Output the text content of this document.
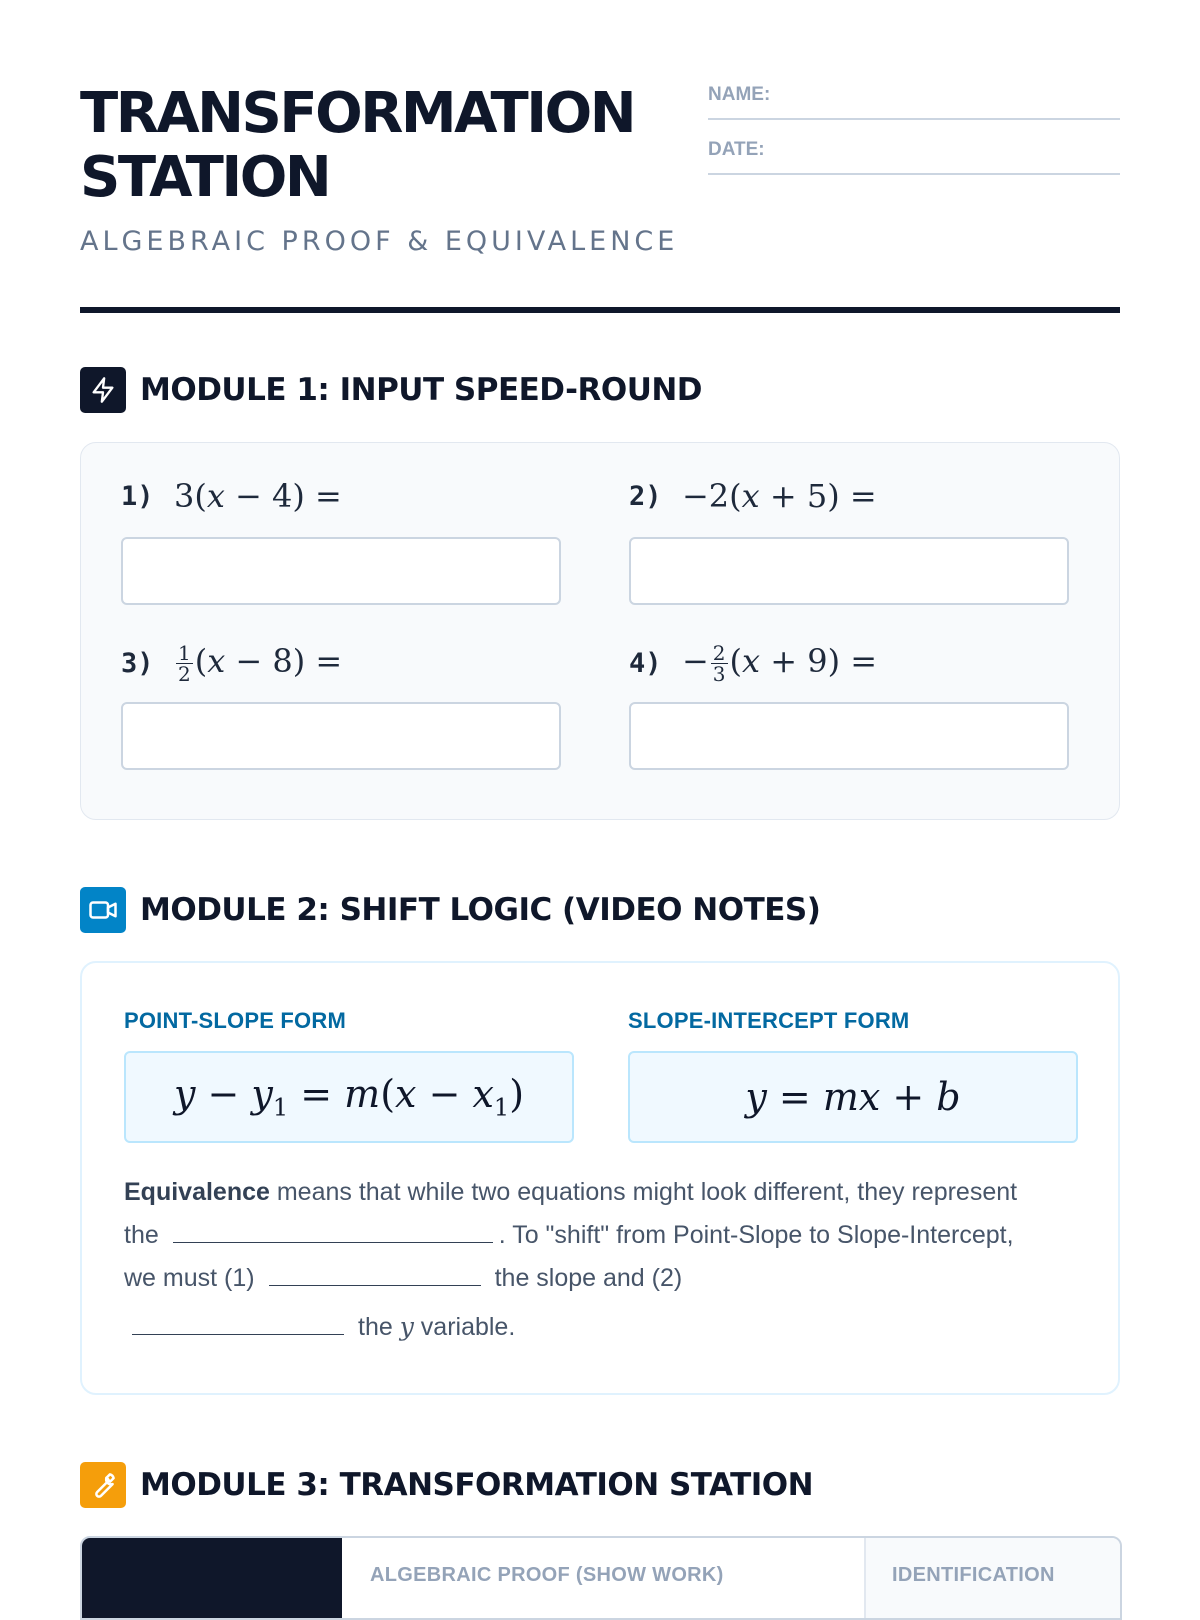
TRANSFORMATION
STATION
ALGEBRAIC PROOF & EQUIVALENCE
NAME:
DATE:
MODULE 1: INPUT SPEED-ROUND
1) 3(x − 4) =	2) −2(x + 5) =
$3) \frac{1}{2} (x - 8)$ =	$4) - \frac{2}{3} (x + 9)$ =
MODULE 2: SHIFT LOGIC (VIDEO NOTES)
POINT-SLOPE FORM	SLOPE-INTERCEPT FORM
$y - y_1 = m(x - x_1)$	y = mx + b
Equivalence means that while two equations might look different, they represent the	. To "shift" from Point-Slope to Slope-Intercept, we must (1)	the slope and (2)
the y variable.
MODULE 3: TRANSFORMATION STATION
ALGEBRAIC PROOF (SHOW WORK)	IDENTIFICATION
